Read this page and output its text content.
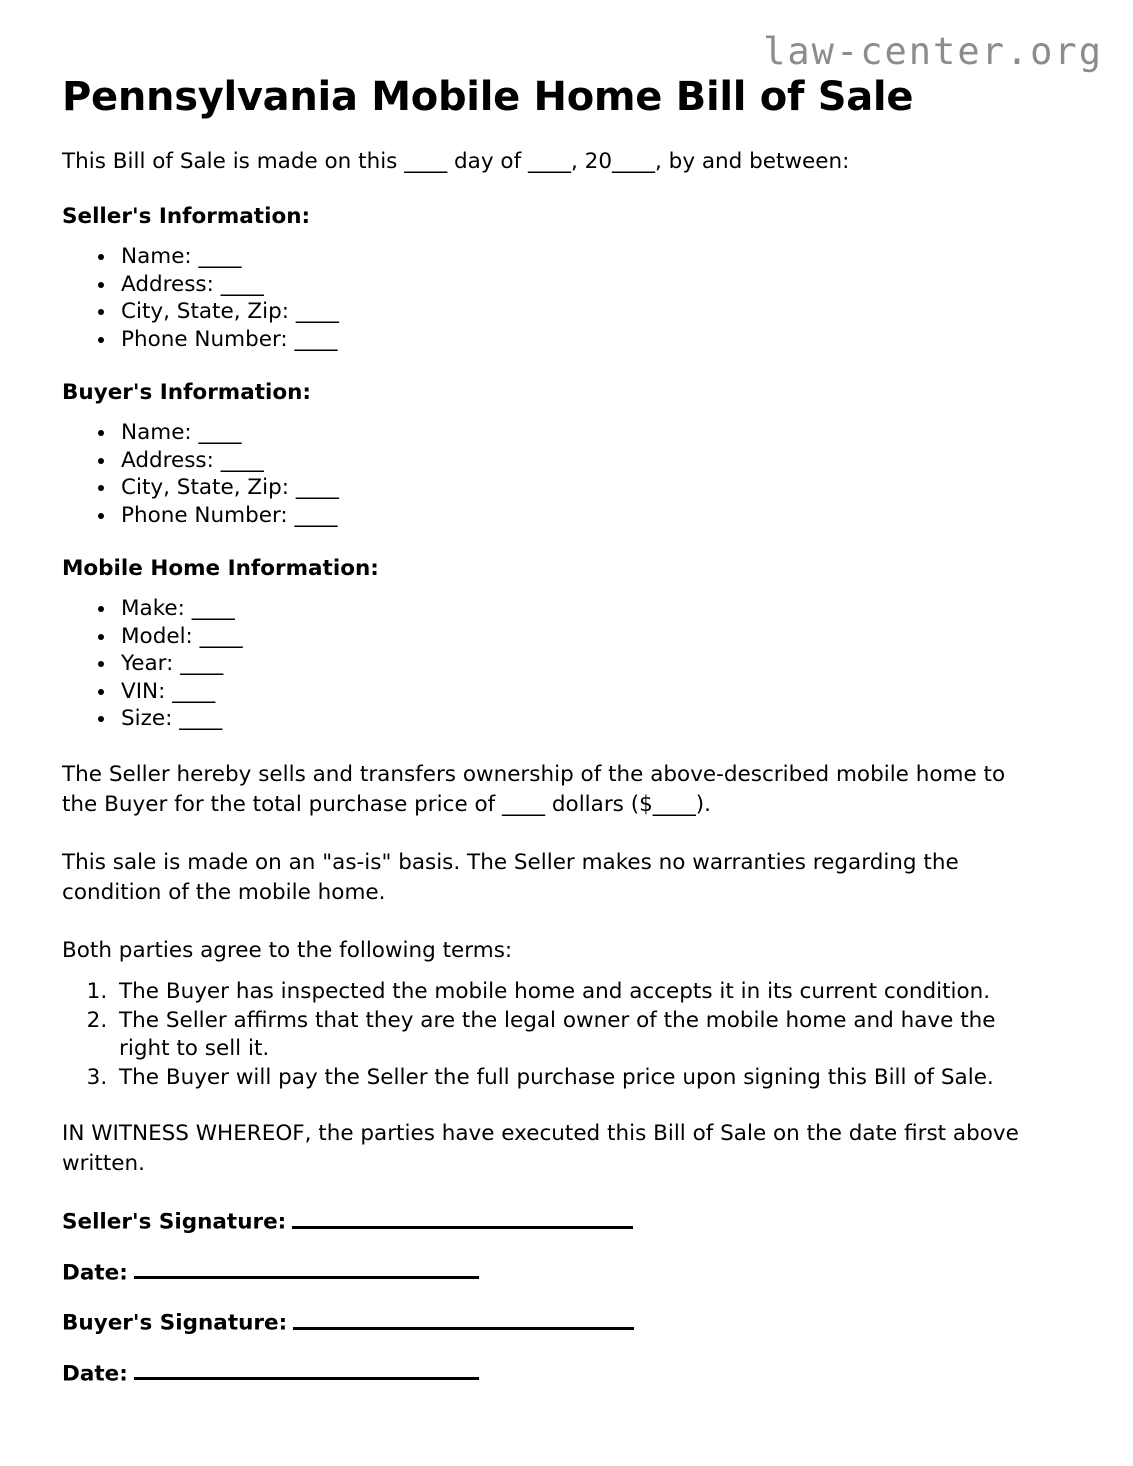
law-center.org
Pennsylvania Mobile Home Bill of Sale

This Bill of Sale is made on this ____ day of ____, 20____, by and between:

Seller's Information:
• Name: ____
• Address: ____
• City, State, Zip: ____
• Phone Number: ____
Buyer's Information:
• Name: ____
• Address: ____
• City, State, Zip: ____
• Phone Number: ____
Mobile Home Information:
• Make: ____
• Model: ____
• Year: ____
• VIN: ____
• Size: ____

The Seller hereby sells and transfers ownership of the above-described mobile home to the Buyer for the total purchase price of ____ dollars ($____).

This sale is made on an "as-is" basis. The Seller makes no warranties regarding the condition of the mobile home.

Both parties agree to the following terms:

1. The Buyer has inspected the mobile home and accepts it in its current condition.
2. The Seller affirms that they are the legal owner of the mobile home and have the right to sell it.
3. The Buyer will pay the Seller the full purchase price upon signing this Bill of Sale.

IN WITNESS WHEREOF, the parties have executed this Bill of Sale on the date first above written.

Seller's Signature:
Date:
Buyer's Signature:
Date:
